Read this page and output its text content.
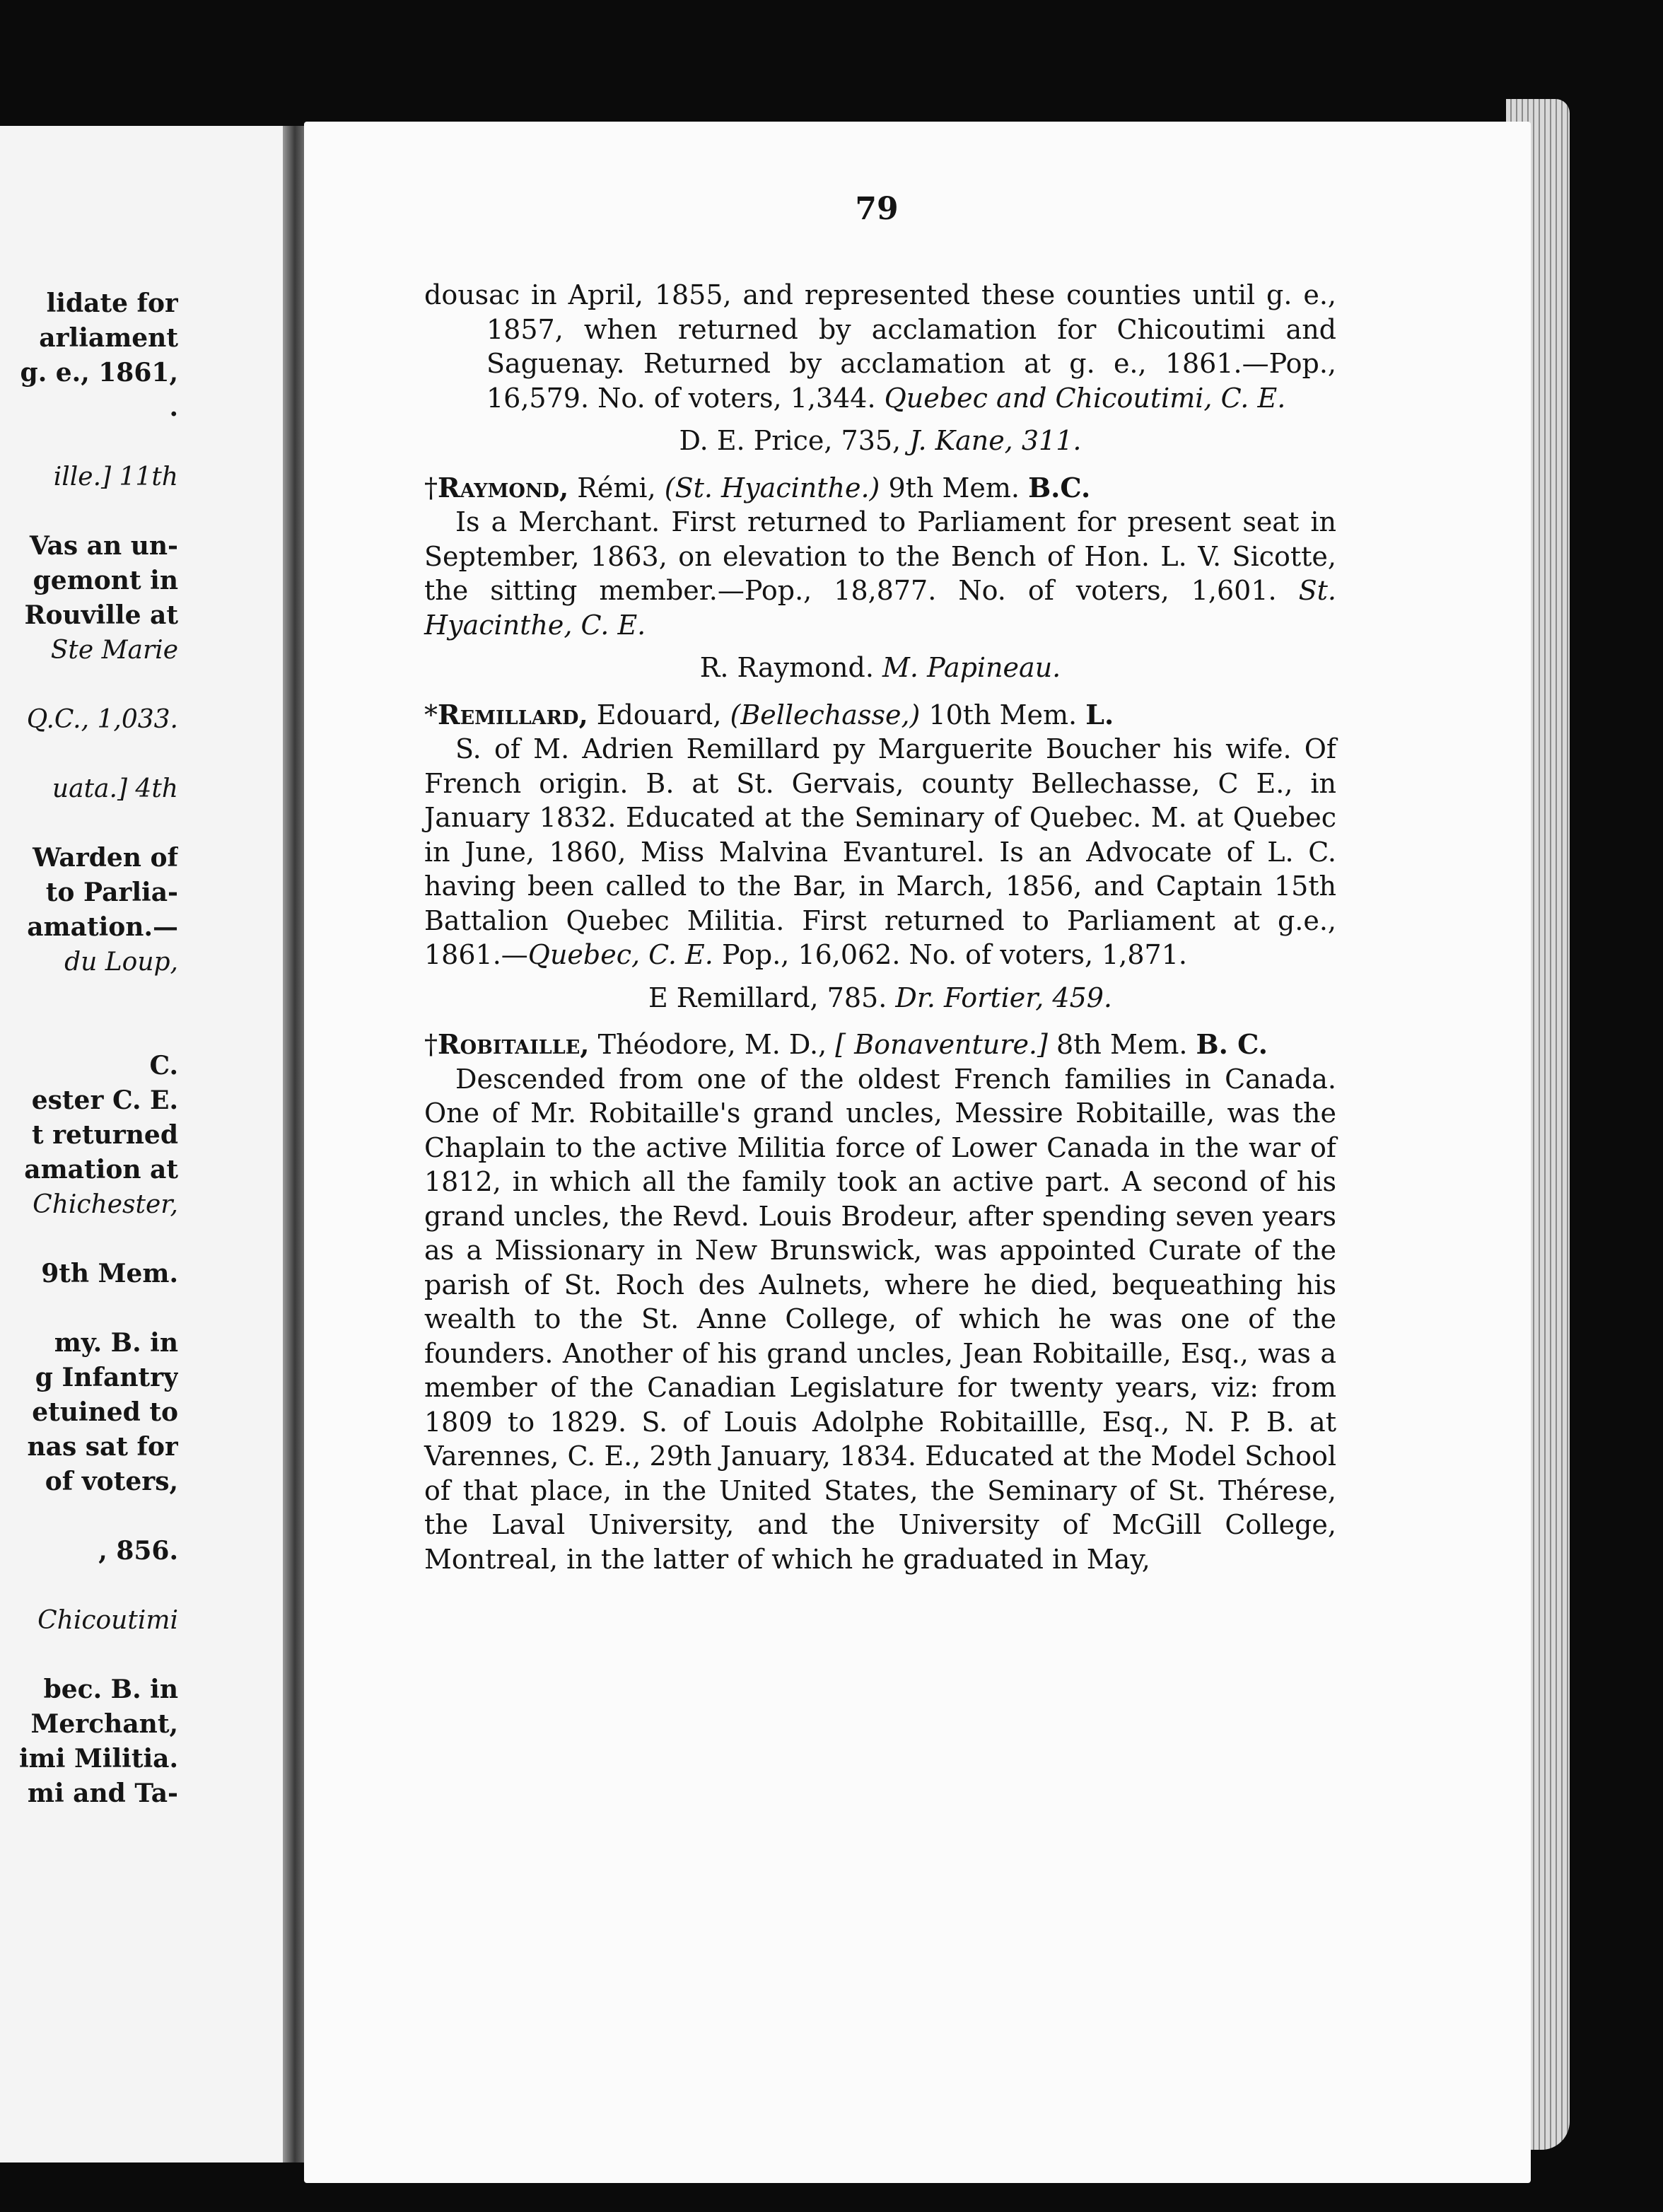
lidate for
arliament
g. e., 1861,
.

ille.] 11th

Vas an un-
gemont in
Rouville at
Ste Marie

Q.C., 1,033.

uata.] 4th

Warden of
to Parlia-
amation.—
du Loup,

C.
ester C. E.
t returned
amation at
Chichester,

9th Mem.

my. B. in
g Infantry
etuined to
nas sat for
of voters,

, 856.

Chicoutimi

bec. B. in
Merchant,
imi Militia.
mi and Ta-
79

dousac in April, 1855, and represented these counties until g. e., 1857, when returned by acclamation for Chicoutimi and Saguenay. Returned by acclamation at g. e., 1861.—Pop., 16,579. No. of voters, 1,344. Quebec and Chicoutimi, C. E.

D. E. Price, 735, J. Kane, 311.

†Raymond, Rémi, (St. Hyacinthe.) 9th Mem. B.C.

Is a Merchant. First returned to Parliament for present seat in September, 1863, on elevation to the Bench of Hon. L. V. Sicotte, the sitting member.—Pop., 18,877. No. of voters, 1,601. St. Hyacinthe, C. E.

R. Raymond. M. Papineau.

*Remillard, Edouard, (Bellechasse,) 10th Mem. L.

S. of M. Adrien Remillard py Marguerite Boucher his wife. Of French origin. B. at St. Gervais, county Bellechasse, C E., in January 1832. Educated at the Seminary of Quebec. M. at Quebec in June, 1860, Miss Malvina Evanturel. Is an Advocate of L. C. having been called to the Bar, in March, 1856, and Captain 15th Battalion Quebec Militia. First returned to Parliament at g.e., 1861.—Quebec, C. E. Pop., 16,062. No. of voters, 1,871.

E Remillard, 785. Dr. Fortier, 459.

†Robitaille, Théodore, M. D., [ Bonaventure.] 8th Mem. B. C.

Descended from one of the oldest French families in Canada. One of Mr. Robitaille's grand uncles, Messire Robitaille, was the Chaplain to the active Militia force of Lower Canada in the war of 1812, in which all the family took an active part. A second of his grand uncles, the Revd. Louis Brodeur, after spending seven years as a Missionary in New Brunswick, was appointed Curate of the parish of St. Roch des Aulnets, where he died, bequeathing his wealth to the St. Anne College, of which he was one of the founders. Another of his grand uncles, Jean Robitaille, Esq., was a member of the Canadian Legislature for twenty years, viz: from 1809 to 1829. S. of Louis Adolphe Robitaillle, Esq., N. P. B. at Varennes, C. E., 29th January, 1834. Educated at the Model School of that place, in the United States, the Seminary of St. Thérese, the Laval University, and the University of McGill College, Montreal, in the latter of which he graduated in May,
